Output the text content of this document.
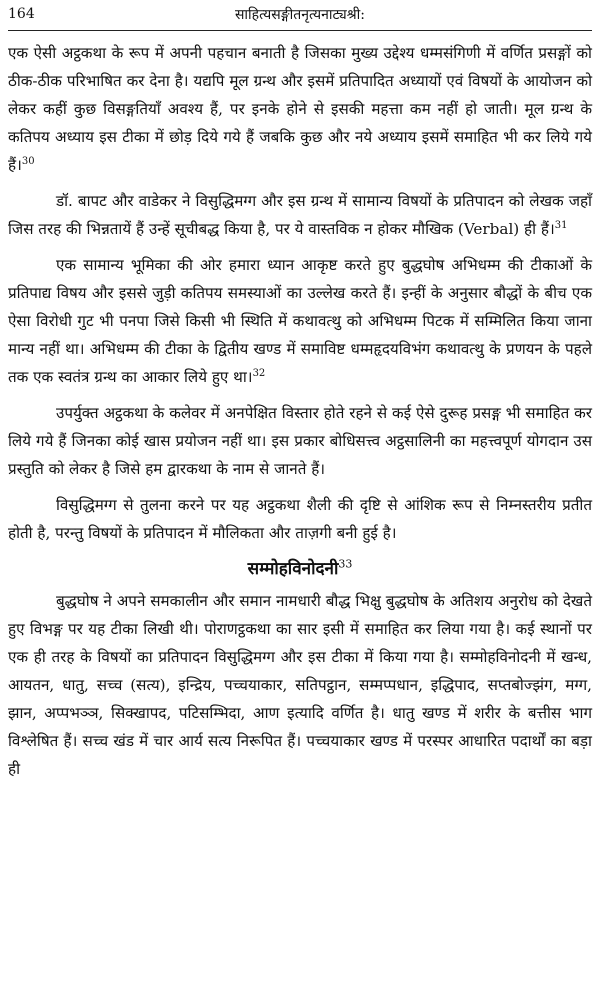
164	साहित्यसङ्गीतनृत्यनाट्यश्री:

एक ऐसी अट्ठकथा के रूप में अपनी पहचान बनाती है जिसका मुख्य उद्देश्य धम्मसंगिणी में वर्णित प्रसङ्गों को ठीक-ठीक परिभाषित कर देना है। यद्यपि मूल ग्रन्थ और इसमें प्रतिपादित अध्यायों एवं विषयों के आयोजन को लेकर कहीं कुछ विसङ्गतियाँ अवश्य हैं, पर इनके होने से इसकी महत्ता कम नहीं हो जाती। मूल ग्रन्थ के कतिपय अध्याय इस टीका में छोड़ दिये गये हैं जबकि कुछ और नये अध्याय इसमें समाहित भी कर लिये गये हैं।$^{30}$

डॉ. बापट और वाडेकर ने विसुद्धिमग्ग और इस ग्रन्थ में सामान्य विषयों के प्रतिपादन को लेखक जहाँ जिस तरह की भिन्नतायें हैं उन्हें सूचीबद्ध किया है, पर ये वास्तविक न होकर मौखिक (Verbal) ही हैं।$^{31}$

एक सामान्य भूमिका की ओर हमारा ध्यान आकृष्ट करते हुए बुद्धघोष अभिधम्म की टीकाओं के प्रतिपाद्य विषय और इससे जुड़ी कतिपय समस्याओं का उल्लेख करते हैं। इन्हीं के अनुसार बौद्धों के बीच एक ऐसा विरोधी गुट भी पनपा जिसे किसी भी स्थिति में कथावत्थु को अभिधम्म पिटक में सम्मिलित किया जाना मान्य नहीं था। अभिधम्म की टीका के द्वितीय खण्ड में समाविष्ट धम्महृदयविभंग कथावत्थु के प्रणयन के पहले तक एक स्वतंत्र ग्रन्थ का आकार लिये हुए था।$^{32}$

उपर्युक्त अट्ठकथा के कलेवर में अनपेक्षित विस्तार होते रहने से कई ऐसे दुरूह प्रसङ्ग भी समाहित कर लिये गये हैं जिनका कोई खास प्रयोजन नहीं था। इस प्रकार बोधिसत्त्व अट्ठसालिनी का महत्त्वपूर्ण योगदान उस प्रस्तुति को लेकर है जिसे हम द्वारकथा के नाम से जानते हैं।

विसुद्धिमग्ग से तुलना करने पर यह अट्ठकथा शैली की दृष्टि से आंशिक रूप से निम्नस्तरीय प्रतीत होती है, परन्तु विषयों के प्रतिपादन में मौलिकता और ताज़गी बनी हुई है।

सम्मोहविनोदनी$^{33}$

बुद्धघोष ने अपने समकालीन और समान नामधारी बौद्ध भिक्षु बुद्धघोष के अतिशय अनुरोध को देखते हुए विभङ्ग पर यह टीका लिखी थी। पोराणट्ठकथा का सार इसी में समाहित कर लिया गया है। कई स्थानों पर एक ही तरह के विषयों का प्रतिपादन विसुद्धिमग्ग और इस टीका में किया गया है। सम्मोहविनोदनी में खन्ध, आयतन, धातु, सच्च (सत्य), इन्द्रिय, पच्चयाकार, सतिपट्ठान, सम्मप्पधान, इद्धिपाद, सप्तबोज्झंग, मग्ग, झान, अप्पभञ्ञ, सिक्खापद, पटिसम्भिदा, आण इत्यादि वर्णित है। धातु खण्ड में शरीर के बत्तीस भाग विश्लेषित हैं। सच्च खंड में चार आर्य सत्य निरूपित हैं। पच्चयाकार खण्ड में परस्पर आधारित पदार्थों का बड़ा ही
